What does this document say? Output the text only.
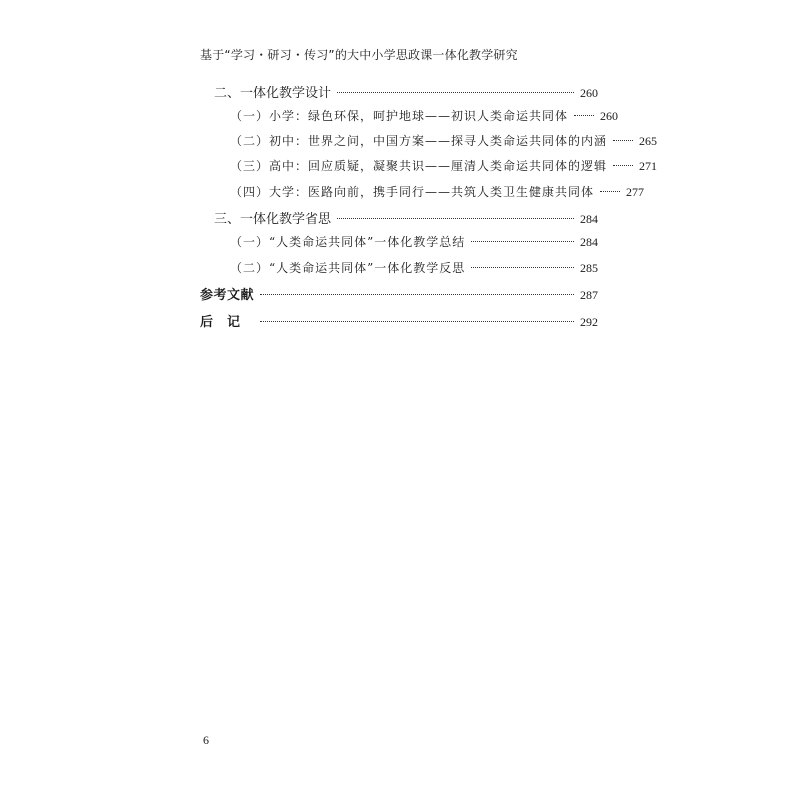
基于“学习・研习・传习”的大中小学思政课一体化教学研究
二、一体化教学设计	260
（一）小学：绿色环保，呵护地球——初识人类命运共同体	260
（二）初中：世界之问，中国方案——探寻人类命运共同体的内涵	265
（三）高中：回应质疑，凝聚共识——厘清人类命运共同体的逻辑	271
（四）大学：医路向前，携手同行——共筑人类卫生健康共同体	277
三、一体化教学省思	284
（一）“人类命运共同体”一体化教学总结	284
（二）“人类命运共同体”一体化教学反思	285
参考文献	287
后记	292
6
